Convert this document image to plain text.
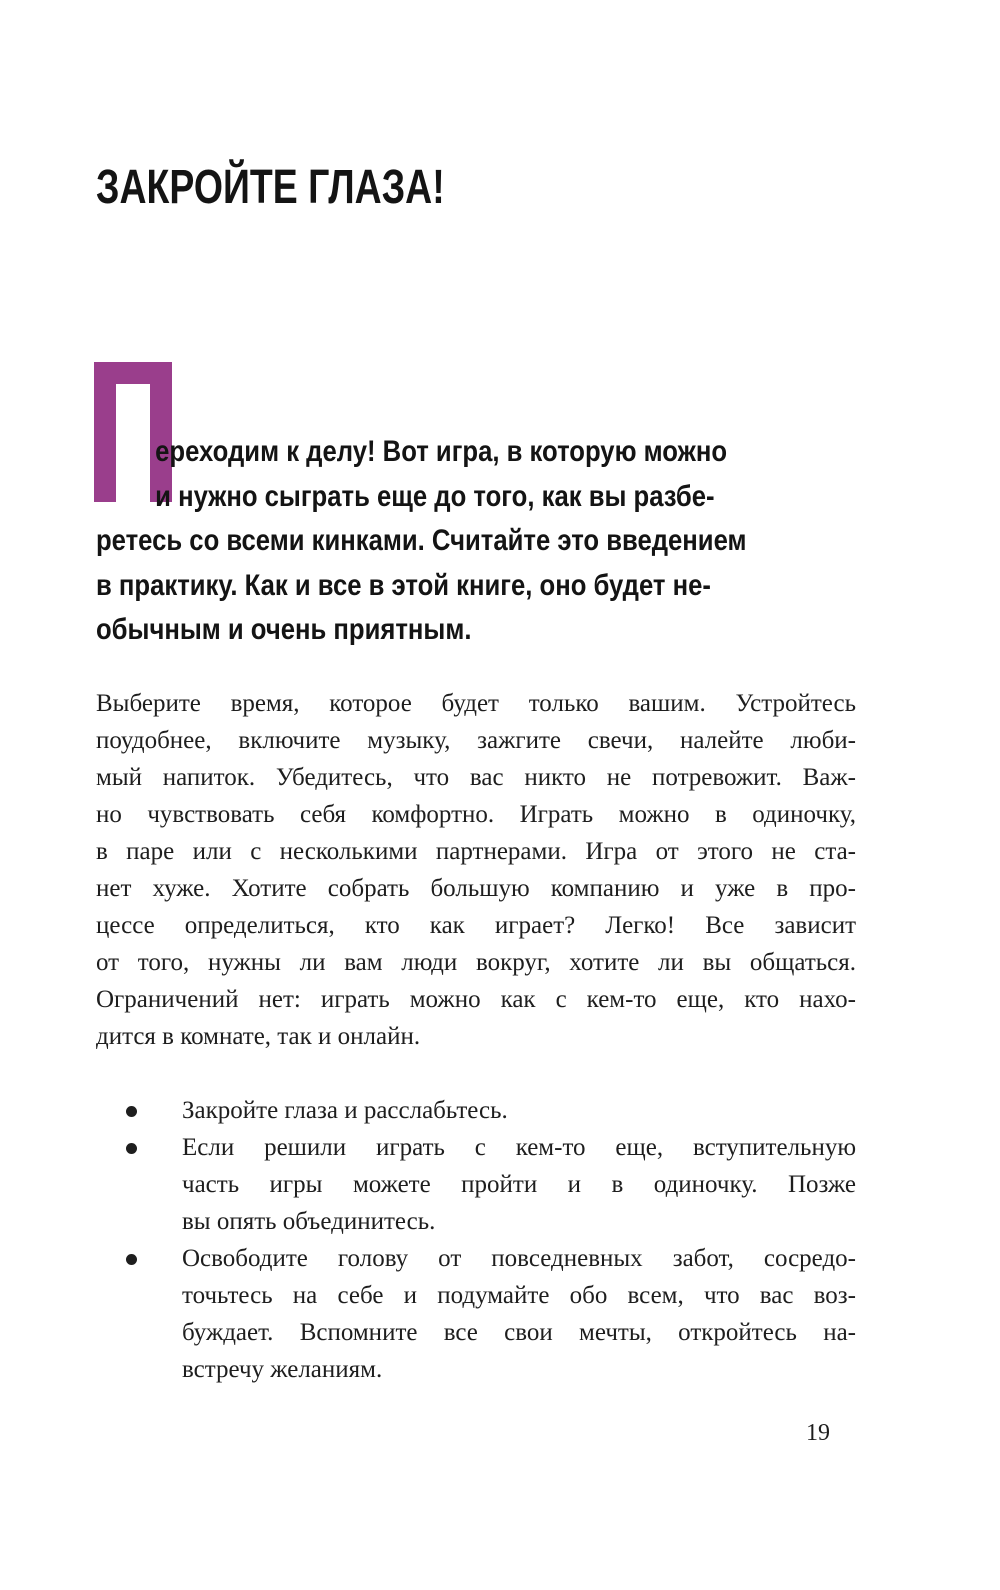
ЗАКРОЙТЕ ГЛАЗА!

ереходим к делу! Вот игра, в которую можно
и нужно сыграть еще до того, как вы разбе-
ретесь со всеми кинками. Считайте это введением
в практику. Как и все в этой книге, оно будет не-
обычным и очень приятным.

Выберите время, которое будет только вашим. Устройтесь
поудобнее, включите музыку, зажгите свечи, налейте люби-
мый напиток. Убедитесь, что вас никто не потревожит. Важ-
но чувствовать себя комфортно. Играть можно в одиночку,
в паре или с несколькими партнерами. Игра от этого не ста-
нет хуже. Хотите собрать большую компанию и уже в про-
цессе определиться, кто как играет? Легко! Все зависит
от того, нужны ли вам люди вокруг, хотите ли вы общаться.
Ограничений нет: играть можно как с кем-то еще, кто нахо-
дится в комнате, так и онлайн.

Закройте глаза и расслабьтесь.
Если решили играть с кем-то еще, вступительную
часть игры можете пройти и в одиночку. Позже
вы опять объединитесь.
Освободите голову от повседневных забот, сосредо-
точьтесь на себе и подумайте обо всем, что вас воз-
буждает. Вспомните все свои мечты, откройтесь на-
встречу желаниям.
19
